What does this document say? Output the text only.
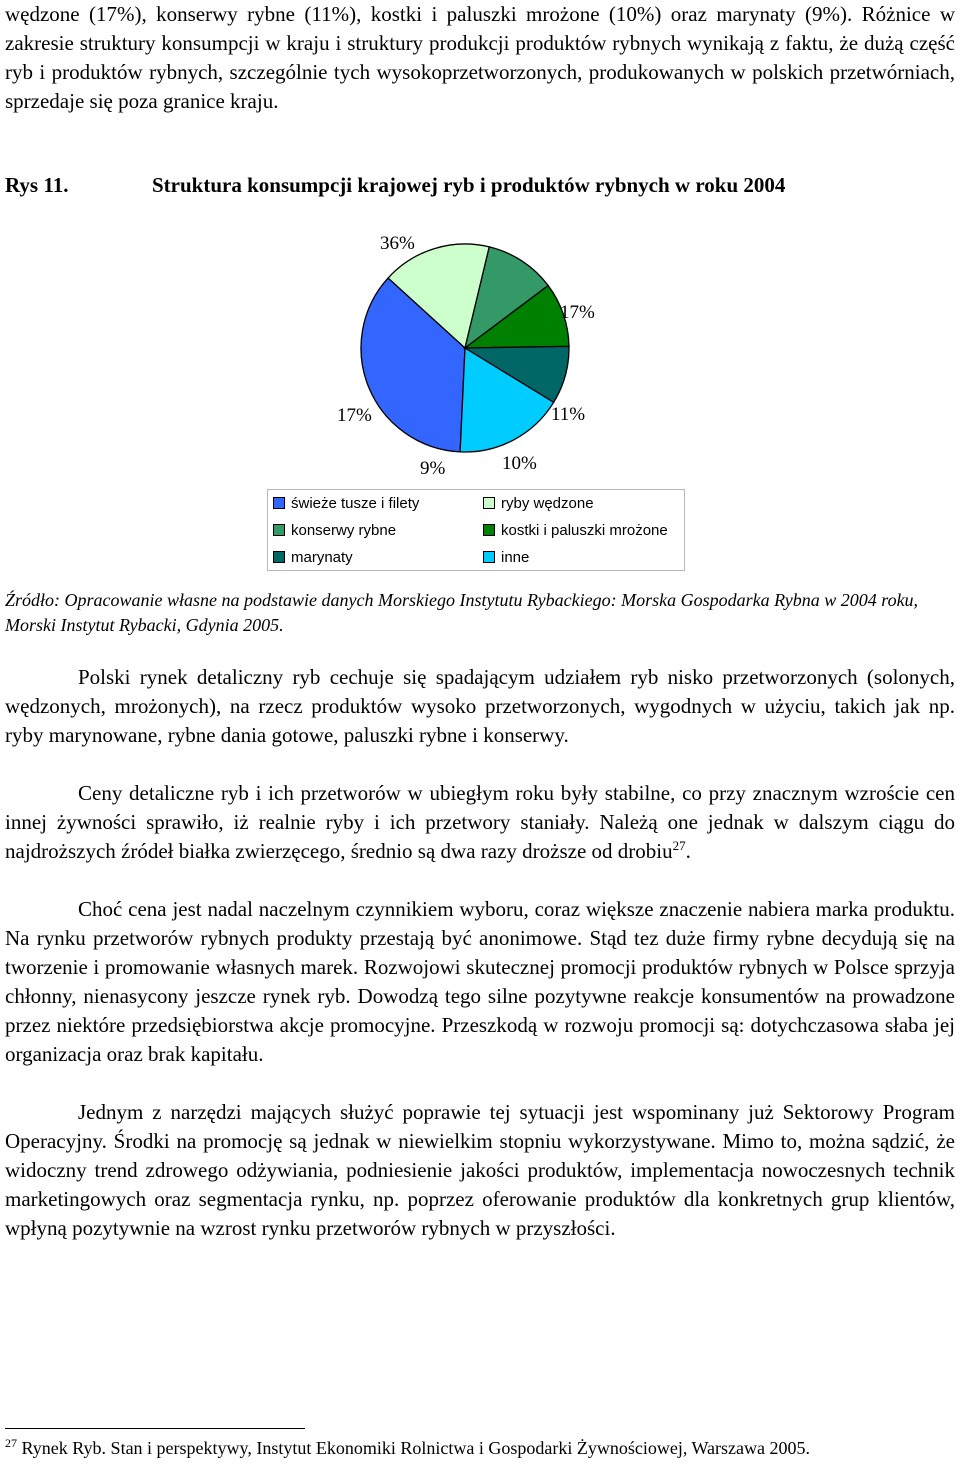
wędzone (17%), konserwy rybne (11%), kostki i paluszki mrożone (10%) oraz marynaty (9%). Różnice w zakresie struktury konsumpcji w kraju i struktury produkcji produktów rybnych wynikają z faktu, że dużą część ryb i produktów rybnych, szczególnie tych wysokoprzetworzonych, produkowanych w polskich przetwórniach, sprzedaje się poza granice kraju.

Rys 11.	Struktura konsumpcji krajowej ryb i produktów rybnych w roku 2004

36%
17%
11%
10%
9%
17%
świeże tusze i filety	ryby wędzone
konserwy rybne	kostki i paluszki mrożone
marynaty	inne

Źródło: Opracowanie własne na podstawie danych Morskiego Instytutu Rybackiego: Morska Gospodarka Rybna w 2004 roku, Morski Instytut Rybacki, Gdynia 2005.

Polski rynek detaliczny ryb cechuje się spadającym udziałem ryb nisko przetworzonych (solonych, wędzonych, mrożonych), na rzecz produktów wysoko przetworzonych, wygodnych w użyciu, takich jak np. ryby marynowane, rybne dania gotowe, paluszki rybne i konserwy.

Ceny detaliczne ryb i ich przetworów w ubiegłym roku były stabilne, co przy znacznym wzroście cen innej żywności sprawiło, iż realnie ryby i ich przetwory staniały. Należą one jednak w dalszym ciągu do najdroższych źródeł białka zwierzęcego, średnio są dwa razy droższe od drobiu$^{27}$.

Choć cena jest nadal naczelnym czynnikiem wyboru, coraz większe znaczenie nabiera marka produktu. Na rynku przetworów rybnych produkty przestają być anonimowe. Stąd tez duże firmy rybne decydują się na tworzenie i promowanie własnych marek. Rozwojowi skutecznej promocji produktów rybnych w Polsce sprzyja chłonny, nienasycony jeszcze rynek ryb. Dowodzą tego silne pozytywne reakcje konsumentów na prowadzone przez niektóre przedsiębiorstwa akcje promocyjne. Przeszkodą w rozwoju promocji są: dotychczasowa słaba jej organizacja oraz brak kapitału.

Jednym z narzędzi mających służyć poprawie tej sytuacji jest wspominany już Sektorowy Program Operacyjny. Środki na promocję są jednak w niewielkim stopniu wykorzystywane. Mimo to, można sądzić, że widoczny trend zdrowego odżywiania, podniesienie jakości produktów, implementacja nowoczesnych technik marketingowych oraz segmentacja rynku, np. poprzez oferowanie produktów dla konkretnych grup klientów, wpłyną pozytywnie na wzrost rynku przetworów rybnych w przyszłości.

$^{27}$ Rynek Ryb. Stan i perspektywy, Instytut Ekonomiki Rolnictwa i Gospodarki Żywnościowej, Warszawa 2005.
